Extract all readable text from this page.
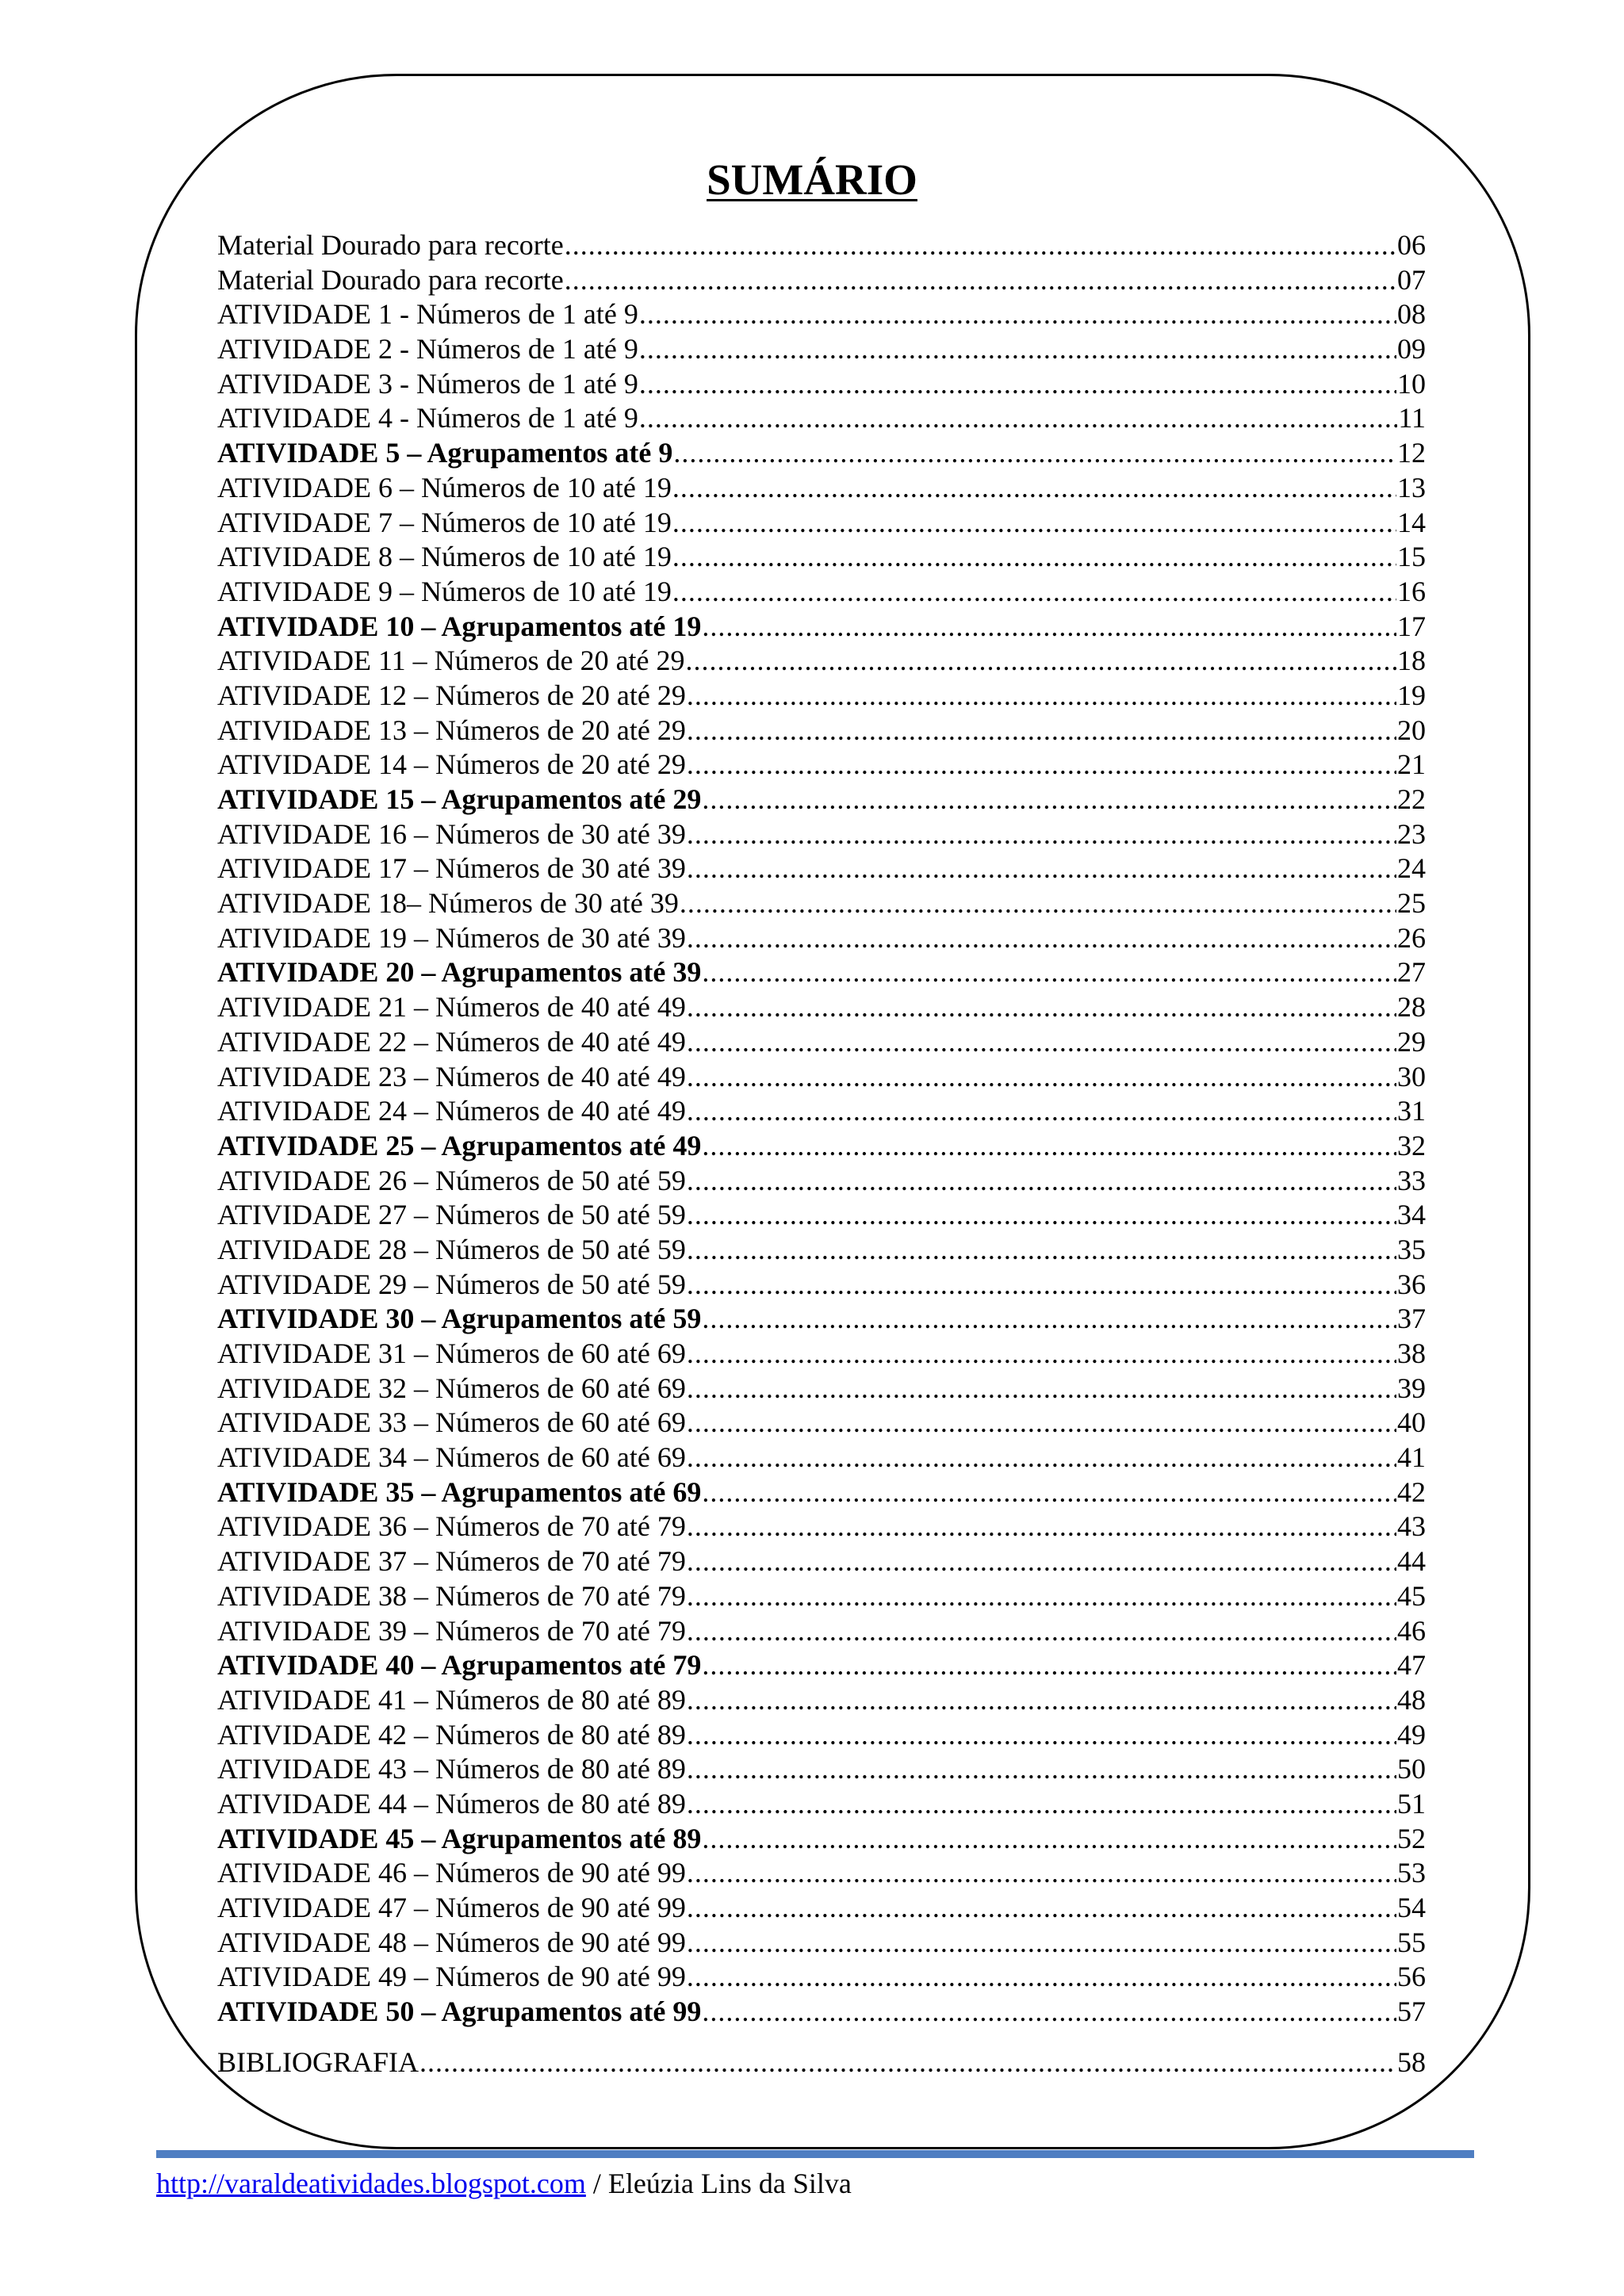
SUMÁRIO
Material Dourado para recorte .....	06
Material Dourado para recorte .....	07
ATIVIDADE 1 - Números de 1 até 9 .....	08
ATIVIDADE 2 - Números de 1 até 9 .....	09
ATIVIDADE 3 - Números de 1 até 9 .....	10
ATIVIDADE 4 - Números de 1 até 9 .....	11
ATIVIDADE 5 – Agrupamentos até 9 .....	12
ATIVIDADE 6 – Números de 10 até 19 .....	13
ATIVIDADE 7 – Números de 10 até 19 .....	14
ATIVIDADE 8 – Números de 10 até 19 .....	15
ATIVIDADE 9 – Números de 10 até 19 .....	16
ATIVIDADE 10 – Agrupamentos até 19 .....	17
ATIVIDADE 11 – Números de 20 até 29 .....	18
ATIVIDADE 12 – Números de 20 até 29 .....	19
ATIVIDADE 13 – Números de 20 até 29 .....	20
ATIVIDADE 14 – Números de 20 até 29 .....	21
ATIVIDADE 15 – Agrupamentos até 29 .....	22
ATIVIDADE 16 – Números de 30 até 39 .....	23
ATIVIDADE 17 – Números de 30 até 39 .....	24
ATIVIDADE 18– Números de 30 até 39 .....	25
ATIVIDADE 19 – Números de 30 até 39 .....	26
ATIVIDADE 20 – Agrupamentos até 39 .....	27
ATIVIDADE 21 – Números de 40 até 49 .....	28
ATIVIDADE 22 – Números de 40 até 49 .....	29
ATIVIDADE 23 – Números de 40 até 49 .....	30
ATIVIDADE 24 – Números de 40 até 49 .....	31
ATIVIDADE 25 – Agrupamentos até 49 .....	32
ATIVIDADE 26 – Números de 50 até 59 .....	33
ATIVIDADE 27 – Números de 50 até 59 .....	34
ATIVIDADE 28 – Números de 50 até 59 .....	35
ATIVIDADE 29 – Números de 50 até 59 .....	36
ATIVIDADE 30 – Agrupamentos até 59 .....	37
ATIVIDADE 31 – Números de 60 até 69 .....	38
ATIVIDADE 32 – Números de 60 até 69 .....	39
ATIVIDADE 33 – Números de 60 até 69 .....	40
ATIVIDADE 34 – Números de 60 até 69 .....	41
ATIVIDADE 35 – Agrupamentos até 69 .....	42
ATIVIDADE 36 – Números de 70 até 79 .....	43
ATIVIDADE 37 – Números de 70 até 79 .....	44
ATIVIDADE 38 – Números de 70 até 79 .....	45
ATIVIDADE 39 – Números de 70 até 79 .....	46
ATIVIDADE 40 – Agrupamentos até 79 .....	47
ATIVIDADE 41 – Números de 80 até 89 .....	48
ATIVIDADE 42 – Números de 80 até 89 .....	49
ATIVIDADE 43 – Números de 80 até 89 .....	50
ATIVIDADE 44 – Números de 80 até 89 .....	51
ATIVIDADE 45 – Agrupamentos até 89 .....	52
ATIVIDADE 46 – Números de 90 até 99 .....	53
ATIVIDADE 47 – Números de 90 até 99 .....	54
ATIVIDADE 48 – Números de 90 até 99 .....	55
ATIVIDADE 49 – Números de 90 até 99 .....	56
ATIVIDADE 50 – Agrupamentos até 99 .....	57
BIBLIOGRAFIA .....	58
http://varaldeatividades.blogspot.com / Eleúzia Lins da Silva
